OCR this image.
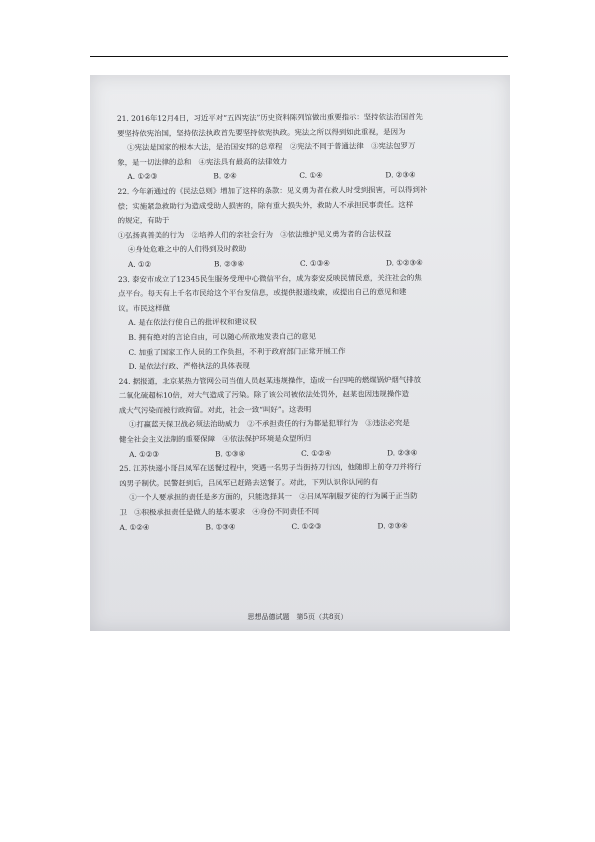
21. 2016年12月4日，习近平对“五四宪法”历史资料陈列馆做出重要指示：坚持依法治国首先
要坚持依宪治国，坚持依法执政首先要坚持依宪执政。宪法之所以得到如此重视，是因为
①宪法是国家的根本大法，是治国安邦的总章程　②宪法不同于普通法律　③宪法包罗万
象，是一切法律的总和　④宪法具有最高的法律效力
A. ①②③	B. ②④	C. ①④	D. ②③④
22. 今年新通过的《民法总则》增加了这样的条款：见义勇为者在救人时受到损害，可以得到补
偿；实施紧急救助行为造成受助人损害的，除有重大损失外，救助人不承担民事责任。这样
的规定，有助于
①弘扬真善美的行为　②培养人们的亲社会行为　③依法维护见义勇为者的合法权益
④身处危难之中的人们得到及时救助
A. ①②	B. ②③④	C. ①③④	D. ①②③④
23. 泰安市成立了12345民生服务受理中心微信平台，成为泰安反映民情民意，关注社会的焦
点平台。每天有上千名市民给这个平台发信息，或提供报道线索，或提出自己的意见和建
议。市民这样做
A. 是在依法行使自己的批评权和建议权
B. 拥有绝对的言论自由，可以随心所欲地发表自己的意见
C. 加重了国家工作人员的工作负担，不利于政府部门正常开展工作
D. 是依法行政、严格执法的具体表现
24. 据报道，北京某热力管网公司当值人员赵某违规操作，造成一台四吨的燃煤锅炉烟气排放
二氧化硫超标10倍，对大气造成了污染。除了该公司被依法处罚外，赵某也因违规操作造
成大气污染而被行政拘留。对此，社会一致“叫好”。这表明
①打赢蓝天保卫战必须法治助威力　②不承担责任的行为都是犯罪行为　③违法必究是
健全社会主义法制的重要保障　④依法保护环境是众望所归
A. ①②③	B. ①③④	C. ①②④	D. ②③④
25. 江苏快递小哥吕凤军在送餐过程中，突遇一名男子当街持刀行凶，他随即上前夺刀并将行
凶男子制伏。民警赶到后，吕凤军已赶路去送餐了。对此，下列认识你认同的有
①一个人要承担的责任是多方面的，只能选择其一　②吕凤军制服歹徒的行为属于正当防
卫　③积极承担责任是做人的基本要求　④身份不同责任不同
A. ①②④	B. ①③④	C. ①②③	D. ②③④
思想品德试题　第5页（共8页）
